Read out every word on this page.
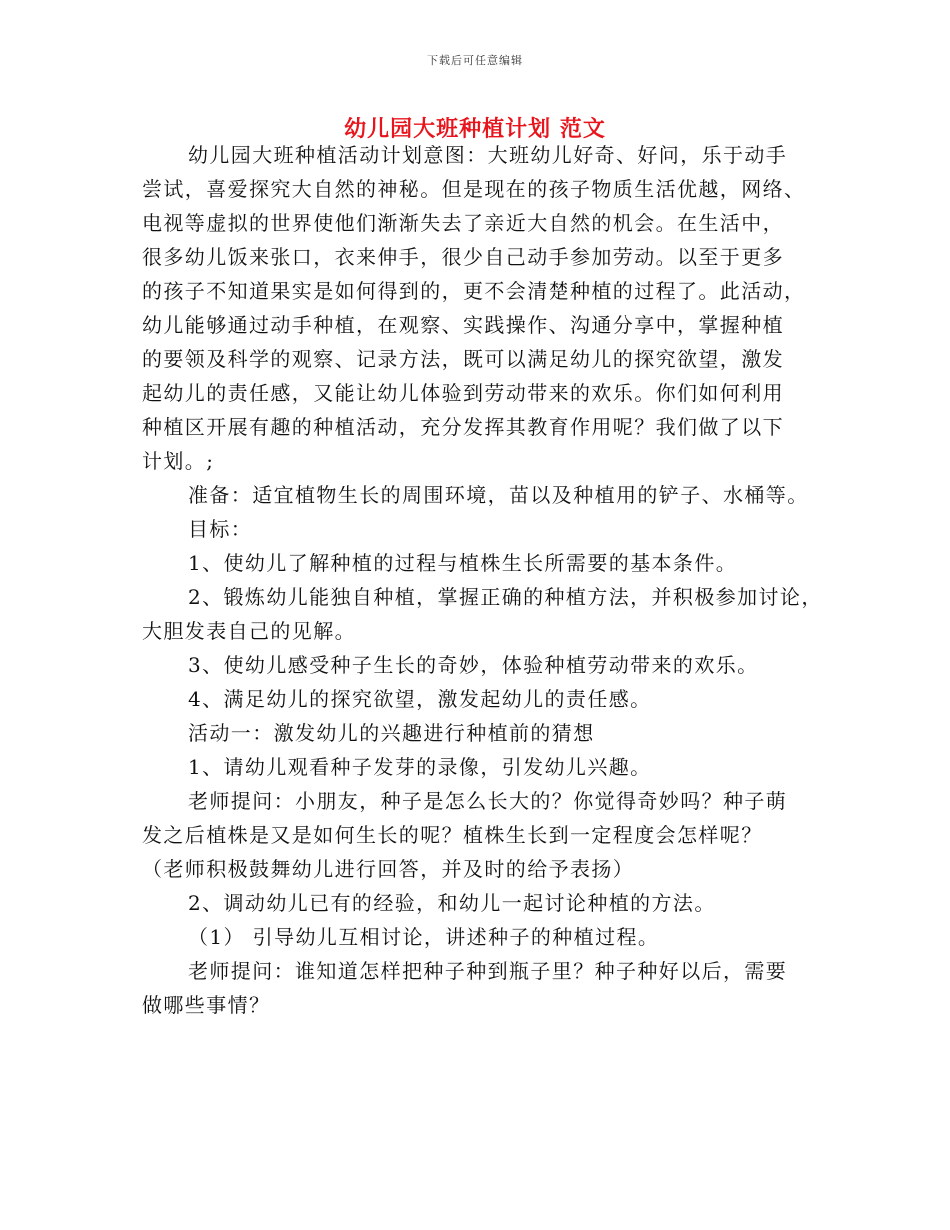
下载后可任意编辑
幼儿园大班种植计划 范文
幼儿园大班种植活动计划意图：大班幼儿好奇、好问，乐于动手
尝试，喜爱探究大自然的神秘。但是现在的孩子物质生活优越，网络、
电视等虚拟的世界使他们渐渐失去了亲近大自然的机会。在生活中，
很多幼儿饭来张口，衣来伸手，很少自己动手参加劳动。以至于更多
的孩子不知道果实是如何得到的，更不会清楚种植的过程了。此活动，
幼儿能够通过动手种植，在观察、实践操作、沟通分享中，掌握种植
的要领及科学的观察、记录方法，既可以满足幼儿的探究欲望，激发
起幼儿的责任感，又能让幼儿体验到劳动带来的欢乐。你们如何利用
种植区开展有趣的种植活动，充分发挥其教育作用呢？我们做了以下
计划。;
准备：适宜植物生长的周围环境，苗以及种植用的铲子、水桶等。
目标：
1、使幼儿了解种植的过程与植株生长所需要的基本条件。
2、锻炼幼儿能独自种植，掌握正确的种植方法，并积极参加讨论，
大胆发表自己的见解。
3、使幼儿感受种子生长的奇妙，体验种植劳动带来的欢乐。
4、满足幼儿的探究欲望，激发起幼儿的责任感。
活动一：激发幼儿的兴趣进行种植前的猜想
1、请幼儿观看种子发芽的录像，引发幼儿兴趣。
老师提问：小朋友，种子是怎么长大的？你觉得奇妙吗？种子萌
发之后植株是又是如何生长的呢？植株生长到一定程度会怎样呢？
（老师积极鼓舞幼儿进行回答，并及时的给予表扬）
2、调动幼儿已有的经验，和幼儿一起讨论种植的方法。
（1） 引导幼儿互相讨论，讲述种子的种植过程。
老师提问：谁知道怎样把种子种到瓶子里？种子种好以后，需要
做哪些事情？
